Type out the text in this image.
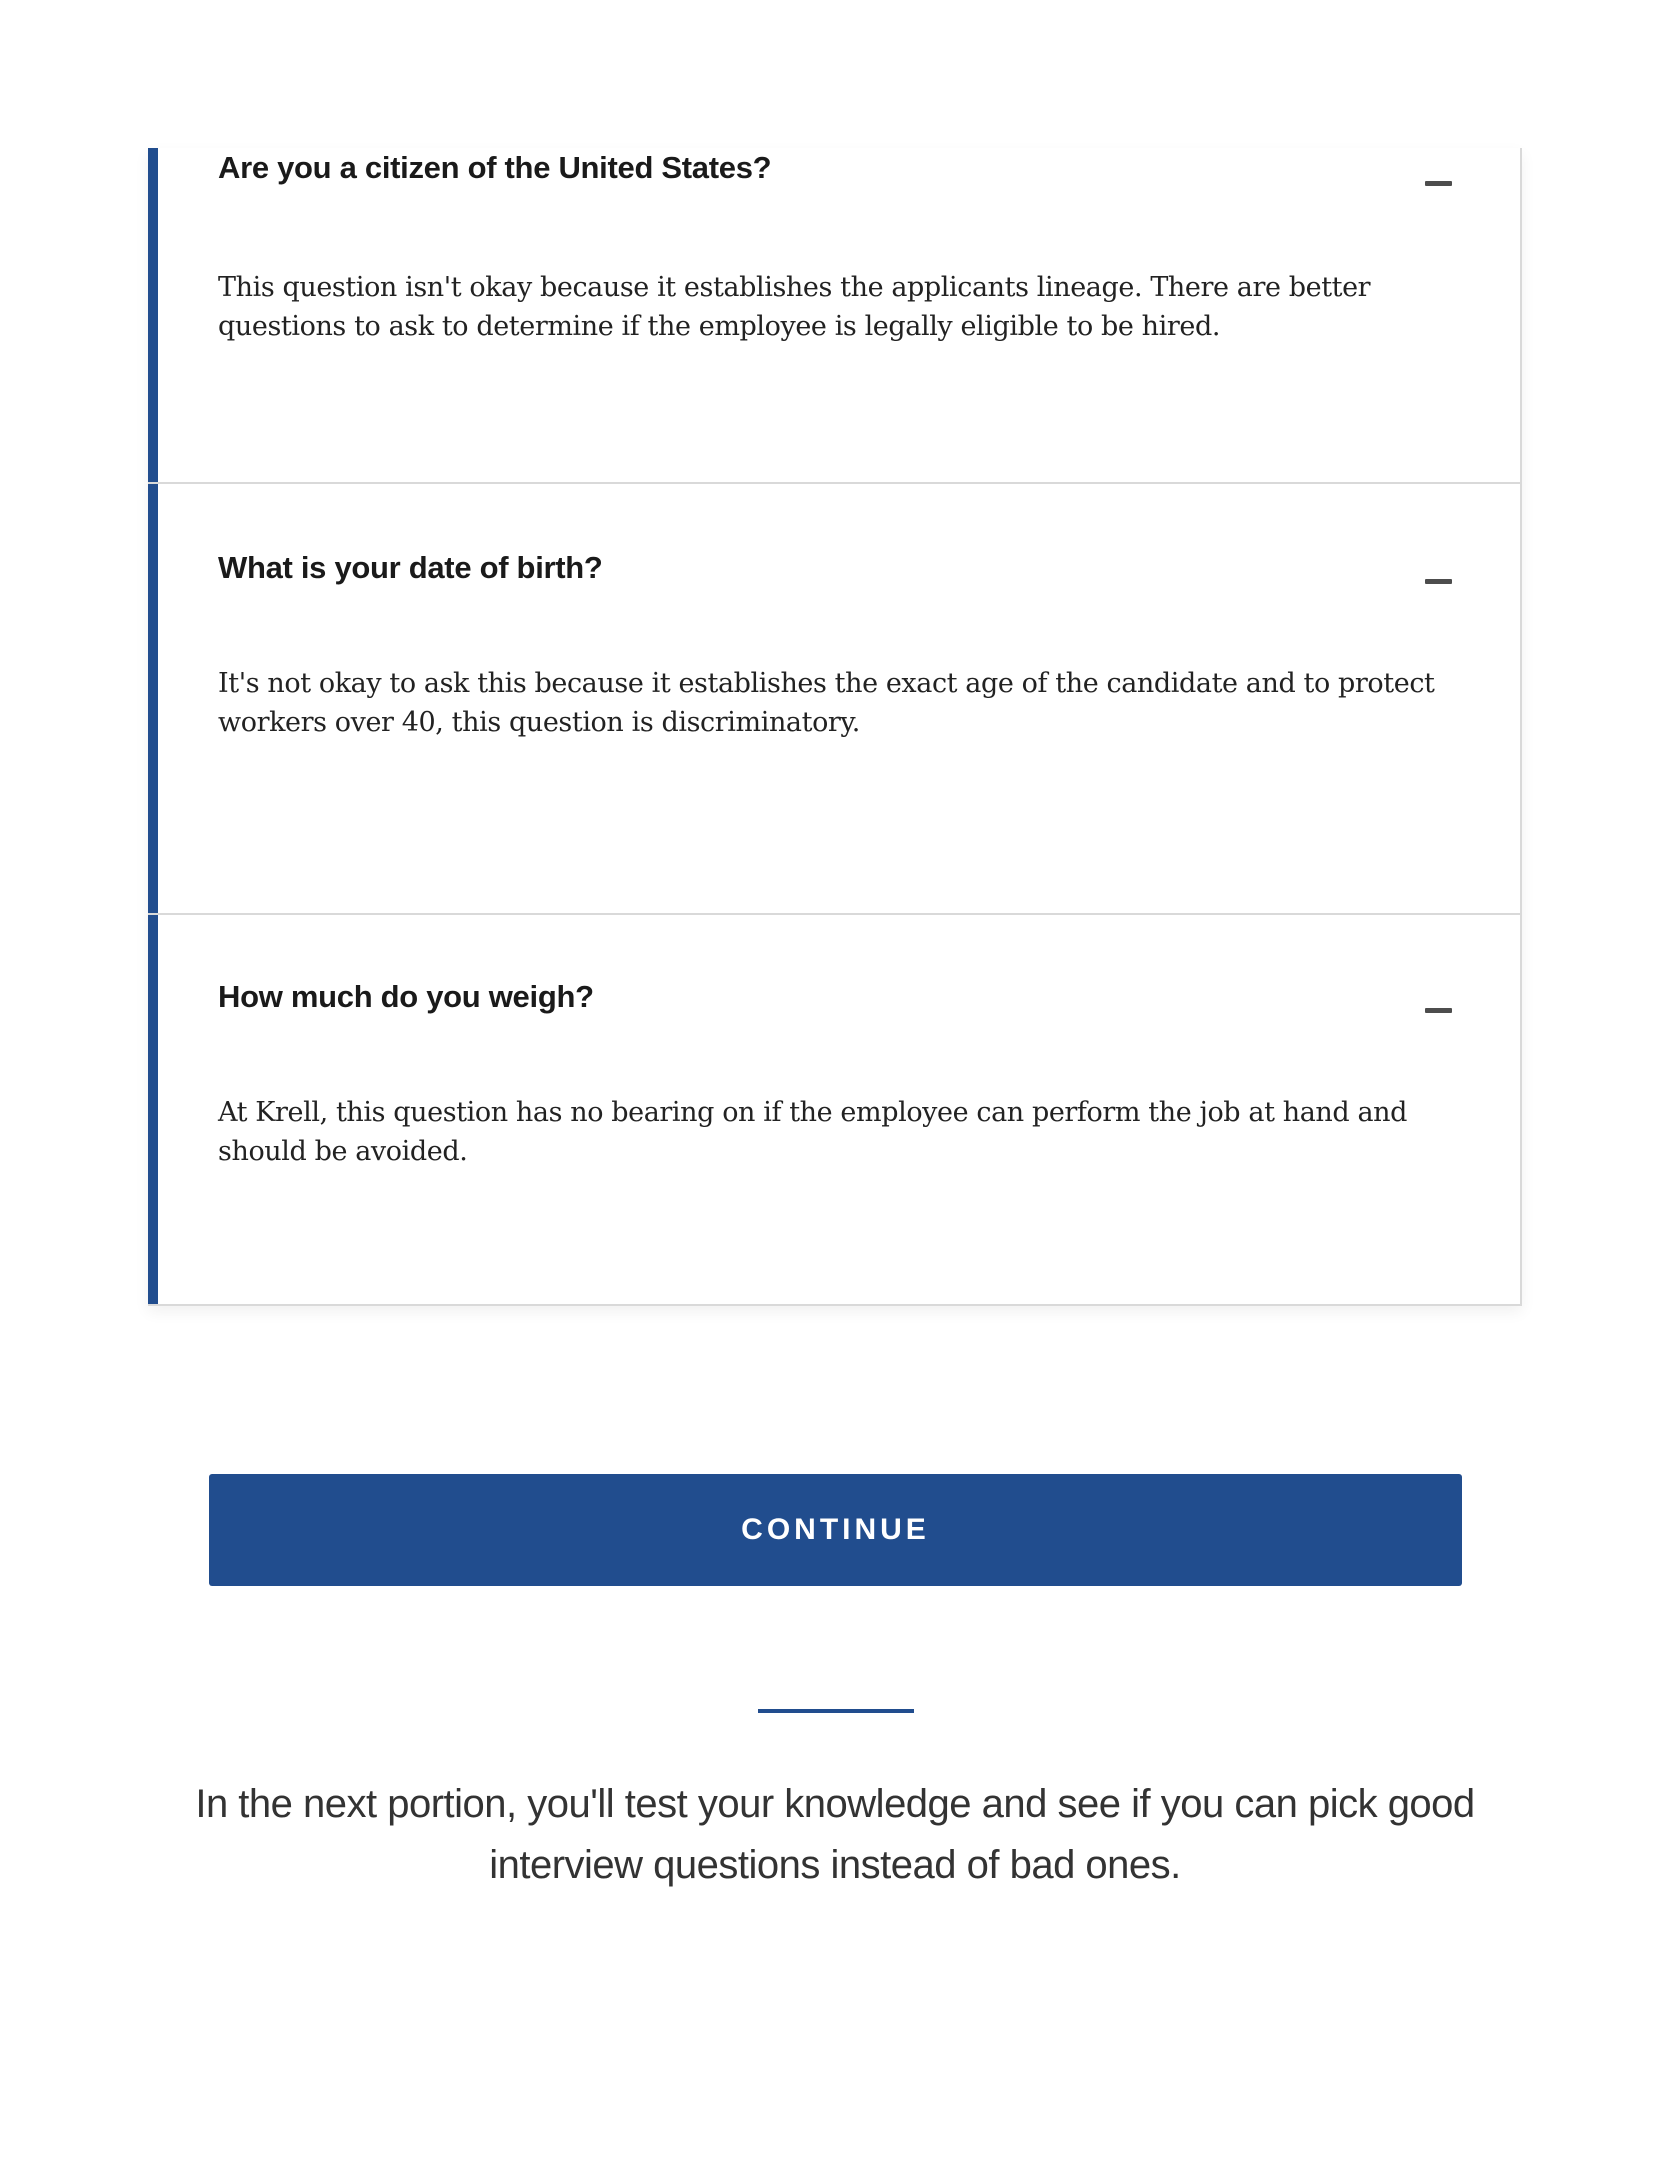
Are you a citizen of the United States?
This question isn't okay because it establishes the applicants lineage. There are better questions to ask to determine if the employee is legally eligible to be hired.
What is your date of birth?
It's not okay to ask this because it establishes the exact age of the candidate and to protect workers over 40, this question is discriminatory.
How much do you weigh?
At Krell, this question has no bearing on if the employee can perform the job at hand and should be avoided.
CONTINUE
In the next portion, you'll test your knowledge and see if you can pick good interview questions instead of bad ones.
